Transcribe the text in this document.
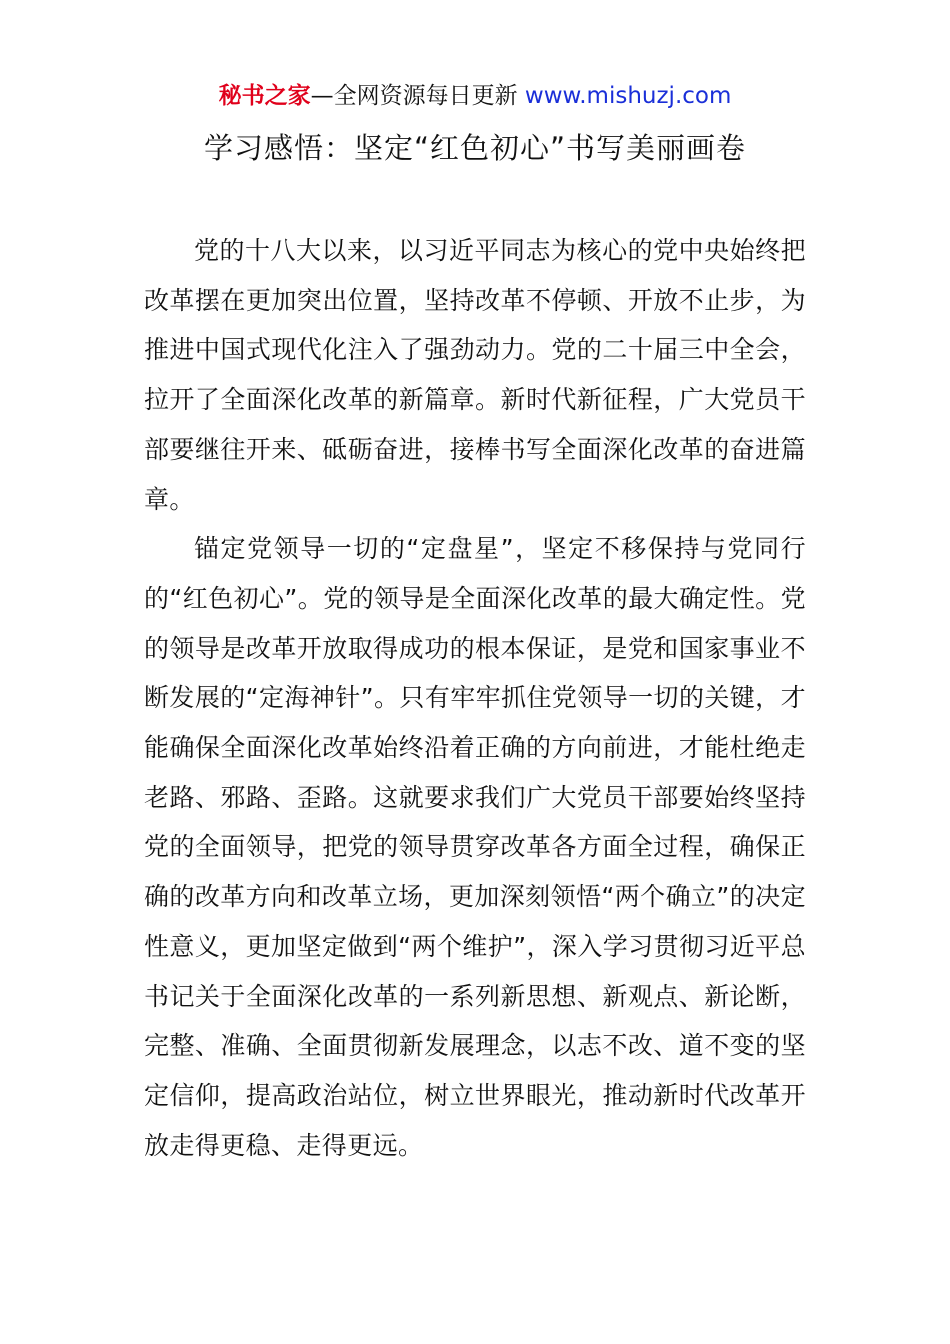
秘书之家—全网资源每日更新 www.mishuzj.com
学习感悟：坚定“红色初心”书写美丽画卷

党的十八大以来，以习近平同志为核心的党中央始终把改革摆在更加突出位置，坚持改革不停顿、开放不止步，为推进中国式现代化注入了强劲动力。党的二十届三中全会，拉开了全面深化改革的新篇章。新时代新征程，广大党员干部要继往开来、砥砺奋进，接棒书写全面深化改革的奋进篇章。

锚定党领导一切的“定盘星”，坚定不移保持与党同行的“红色初心”。党的领导是全面深化改革的最大确定性。党的领导是改革开放取得成功的根本保证，是党和国家事业不断发展的“定海神针”。只有牢牢抓住党领导一切的关键，才能确保全面深化改革始终沿着正确的方向前进，才能杜绝走老路、邪路、歪路。这就要求我们广大党员干部要始终坚持党的全面领导，把党的领导贯穿改革各方面全过程，确保正确的改革方向和改革立场，更加深刻领悟“两个确立”的决定性意义，更加坚定做到“两个维护”，深入学习贯彻习近平总书记关于全面深化改革的一系列新思想、新观点、新论断，完整、准确、全面贯彻新发展理念，以志不改、道不变的坚定信仰，提高政治站位，树立世界眼光，推动新时代改革开放走得更稳、走得更远。
